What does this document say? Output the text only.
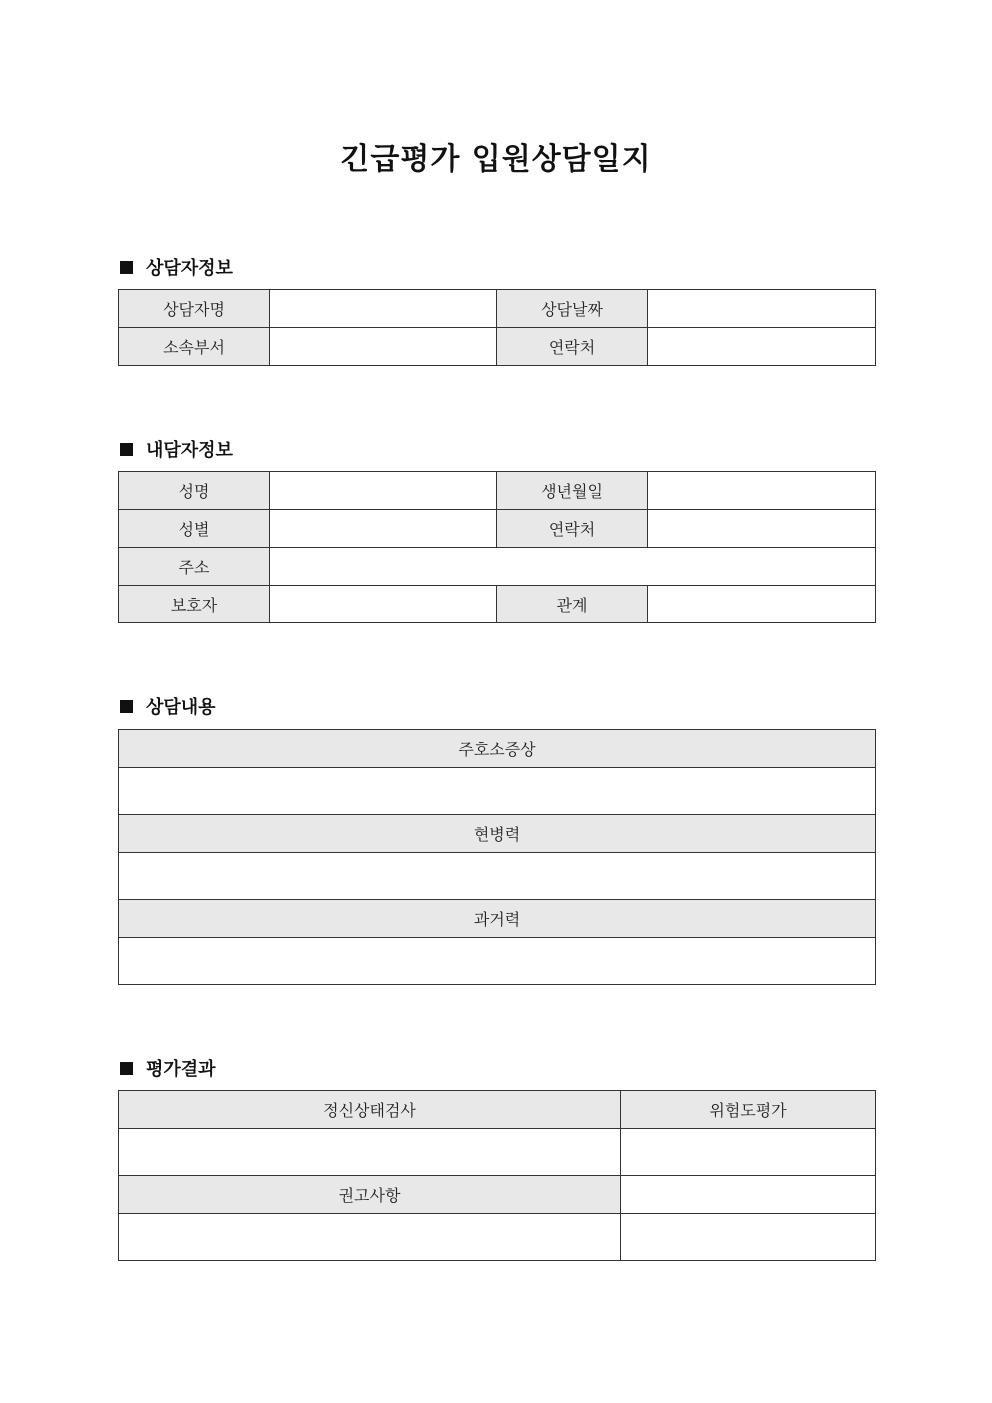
긴급평가 입원상담일지
상담자정보
상담자명		상담날짜	
소속부서		연락처	
내담자정보
성명		생년월일	
성별		연락처	
주소			
보호자		관계	
상담내용
주호소증상

현병력

과거력

평가결과
정신상태검사	위험도평가

권고사항	
